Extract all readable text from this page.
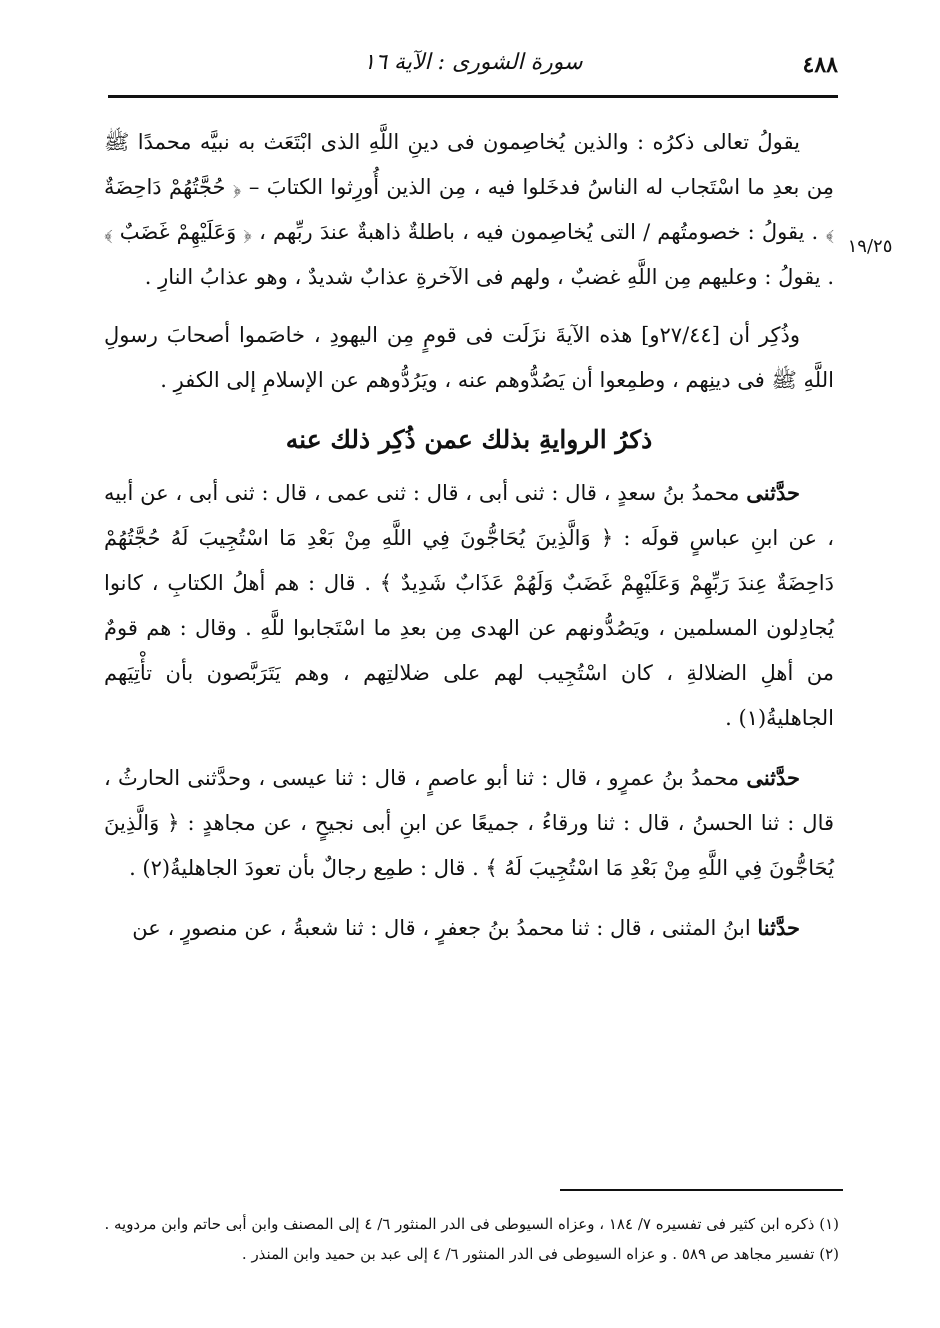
٤٨٨
سورة الشورى : الآية ١٦
١٩/٢٥

يقولُ تعالى ذكرُه : والذين يُخاصِمون فى دينِ اللَّهِ الذى ابْتَعَث به نبيَّه محمدًا ﷺ مِن بعدِ ما اسْتَجاب له الناسُ فدخَلوا فيه ، مِن الذين أُورِثوا الكتابَ – ﴿ حُجَّتُهُمْ دَاحِضَةٌ ﴾ . يقولُ : خصومتُهم / التى يُخاصِمون فيه ، باطلةٌ ذاهبةٌ عندَ ربِّهم ، ﴿ وَعَلَيْهِمْ غَضَبٌ ﴾ . يقولُ : وعليهم مِن اللَّهِ غضبٌ ، ولهم فى الآخرةِ عذابٌ شديدٌ ، وهو عذابُ النارِ .

وذُكِر أن [٢٧/٤٤و] هذه الآيةَ نزَلَت فى قومٍ مِن اليهودِ ، خاصَموا أصحابَ رسولِ اللَّهِ ﷺ فى دينِهم ، وطمِعوا أن يَصُدُّوهم عنه ، ويَرُدُّوهم عن الإسلامِ إلى الكفرِ .

ذكرُ الروايةِ بذلك عمن ذُكِر ذلك عنه

حدَّثنى محمدُ بنُ سعدٍ ، قال : ثنى أبى ، قال : ثنى عمى ، قال : ثنى أبى ، عن أبيه ، عن ابنِ عباسٍ قولَه : ﴿ وَالَّذِينَ يُحَاجُّونَ فِي اللَّهِ مِنْ بَعْدِ مَا اسْتُجِيبَ لَهُ حُجَّتُهُمْ دَاحِضَةٌ عِندَ رَبِّهِمْ وَعَلَيْهِمْ غَضَبٌ وَلَهُمْ عَذَابٌ شَدِيدٌ ﴾ . قال : هم أهلُ الكتابِ ، كانوا يُجادِلون المسلمين ، ويَصُدُّونهم عن الهدى مِن بعدِ ما اسْتَجابوا للَّهِ . وقال : هم قومٌ من أهلِ الضلالةِ ، كان اسْتُجِيب لهم على ضلالتِهم ، وهم يَتَرَبَّصون بأن تأْتِيَهم الجاهليةُ(١) .

حدَّثنى محمدُ بنُ عمرٍو ، قال : ثنا أبو عاصمٍ ، قال : ثنا عيسى ، وحدَّثنى الحارثُ ، قال : ثنا الحسنُ ، قال : ثنا ورقاءُ ، جميعًا عن ابنِ أبى نجيحٍ ، عن مجاهدٍ : ﴿ وَالَّذِينَ يُحَاجُّونَ فِي اللَّهِ مِنْ بَعْدِ مَا اسْتُجِيبَ لَهُ ﴾ . قال : طمِع رجالٌ بأن تعودَ الجاهليةُ(٢) .

حدَّثنا ابنُ المثنى ، قال : ثنا محمدُ بنُ جعفرٍ ، قال : ثنا شعبةُ ، عن منصورٍ ، عن

(١) ذكره ابن كثير فى تفسيره ٧/ ١٨٤ ، وعزاه السيوطى فى الدر المنثور ٦/ ٤ إلى المصنف وابن أبى حاتم وابن مردويه .

(٢) تفسير مجاهد ص ٥٨٩ . و عزاه السيوطى فى الدر المنثور ٦/ ٤ إلى عبد بن حميد وابن المنذر .
